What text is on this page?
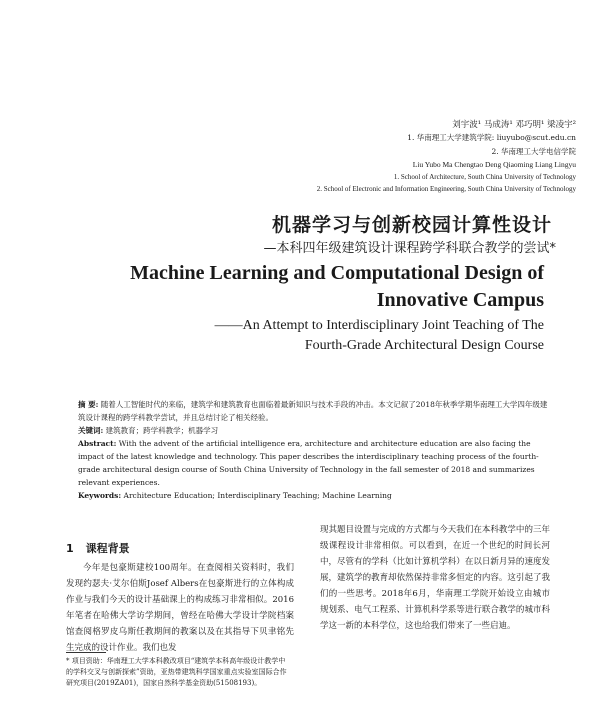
刘宇波¹ 马成涛¹ 邓巧明¹ 梁凌宇²
1. 华南理工大学建筑学院: liuyubo@scut.edu.cn
2. 华南理工大学电信学院
Liu Yubo Ma Chengtao Deng Qiaoming Liang Lingyu
1. School of Architecture, South China University of Technology
2. School of Electronic and Information Engineering, South China University of Technology
机器学习与创新校园计算性设计
—本科四年级建筑设计课程跨学科联合教学的尝试*
Machine Learning and Computational Design of
Innovative Campus
——An Attempt to Interdisciplinary Joint Teaching of The
Fourth-Grade Architectural Design Course

摘 要: 随着人工智能时代的来临，建筑学和建筑教育也面临着最新知识与技术手段的冲击。本文记叙了2018年秋季学期华南理工大学四年级建筑设计课程的跨学科教学尝试，并且总结讨论了相关经验。

关键词: 建筑教育；跨学科教学；机器学习

Abstract: With the advent of the artificial intelligence era, architecture and architecture education are also facing the impact of the latest knowledge and technology. This paper describes the interdisciplinary teaching process of the fourth-grade architectural design course of South China University of Technology in the fall semester of 2018 and summarizes relevant experiences.

Keywords: Architecture Education; Interdisciplinary Teaching; Machine Learning

1 课程背景

今年是包豪斯建校100周年。在查阅相关资料时，我们发现约瑟夫·艾尔伯斯Josef Albers在包豪斯进行的立体构成作业与我们今天的设计基础课上的构成练习非常相似。2016年笔者在哈佛大学访学期间，曾经在哈佛大学设计学院档案馆查阅格罗皮乌斯任教期间的教案以及在其指导下贝聿铭先生完成的设计作业。我们也发

现其题目设置与完成的方式都与今天我们在本科教学中的三年级课程设计非常相似。可以看到，在近一个世纪的时间长河中，尽管有的学科（比如计算机学科）在以日新月异的速度发展，建筑学的教育却依然保持非常多恒定的内容。这引起了我们的一些思考。2018年6月，华南理工学院开始设立由城市规划系、电气工程系、计算机科学系等进行联合教学的城市科学这一新的本科学位，这也给我们带来了一些启迪。

* 项目资助：华南理工大学本科教改项目“建筑学本科高年级设计教学中的学科交叉与创新探索”资助，亚热带建筑科学国家重点实验室国际合作研究项目(2019ZA01)，国家自然科学基金资助(51508193)。
